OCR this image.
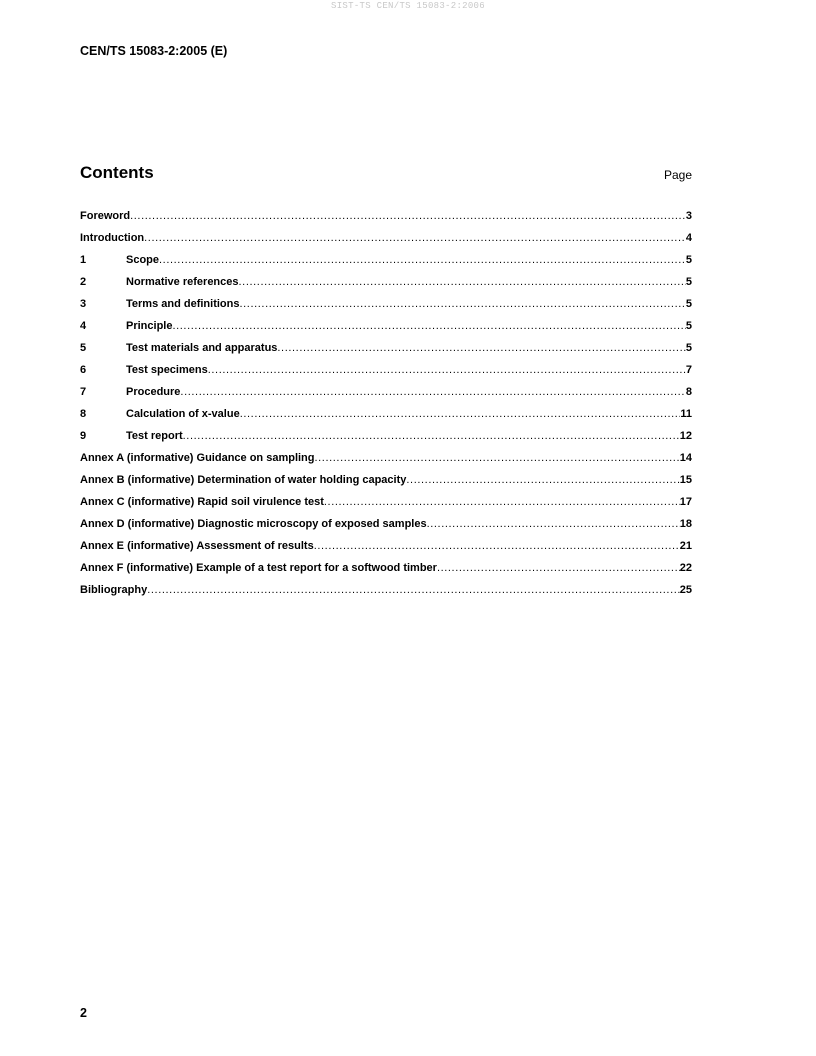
SIST-TS CEN/TS 15083-2:2006
CEN/TS 15083-2:2005 (E)
Contents	Page
Foreword .....	3
Introduction .....	4
1	Scope .....	5
2	Normative references .....	5
3	Terms and definitions .....	5
4	Principle .....	5
5	Test materials and apparatus .....	5
6	Test specimens .....	7
7	Procedure .....	8
8	Calculation of x-value .....	11
9	Test report .....	12
Annex A (informative) Guidance on sampling .....	14
Annex B (informative) Determination of water holding capacity .....	15
Annex C (informative) Rapid soil virulence test .....	17
Annex D (informative) Diagnostic microscopy of exposed samples .....	18
Annex E (informative) Assessment of results .....	21
Annex F (informative) Example of a test report for a softwood timber .....	22
Bibliography .....	25
2
